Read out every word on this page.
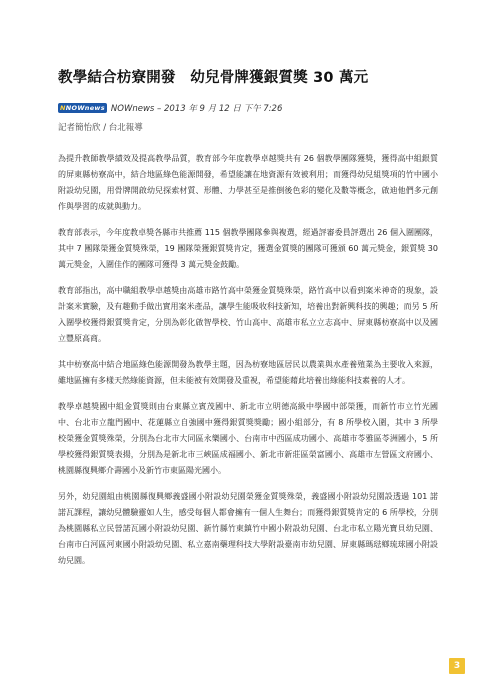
教學結合枋寮開發　幼兒骨牌獲銀質獎 30 萬元
N NOWnews NOWnews – 2013 年 9 月 12 日 下午 7:26
記者簡怡欣 / 台北報導

為提升教師教學績效及提高教學品質，教育部今年度教學卓越獎共有 26 個教學團隊獲獎，獲得高中組銀質的屏東縣枋寮高中，結合地區綠色能源開發，希望能讓在地資源有效被利用；而獲得幼兒組獎項的竹中國小附設幼兒園，用骨牌開啟幼兒探索材質、形體、力學甚至是推倒後色彩的變化及數等概念，啟迪他們多元創作與學習的成就與動力。

教育部表示，今年度教卓獎各縣市共推薦 115 個教學團隊參與複選，經過評審委員評選出 26 個入圍團隊，其中 7 團隊榮獲金質獎殊榮，19 團隊榮獲銀質獎肯定，獲選金質獎的團隊可獲頒 60 萬元獎金，銀質獎 30 萬元獎金，入圍佳作的團隊可獲得 3 萬元獎金鼓勵。

教育部指出，高中職組教學卓越獎由高雄市路竹高中榮獲金質獎殊榮，路竹高中以看到案米神奇的現象，設計案米實驗，及有趣動手做出實用案米產品，讓學生能吸收科技新知，培養出對新興科技的興趣；而另 5 所入圍學校獲得銀質獎肯定，分別為彰化啟智學校、竹山高中、高雄市私立立志高中、屏東縣枋寮高中以及國立豐原高商。

其中枋寮高中結合地區綠色能源開發為教學主題，因為枋寮地區居民以農業與水產養殖業為主要收入來源，雖地區擁有多樣天然綠能資源，但未能被有效開發及重視，希望能藉此培養出綠能科技素養的人才。

教學卓越獎國中組金質獎則由台東縣立賓茂國中、新北市立明德高級中學國中部榮獲，而新竹市立竹光國中、台北市立龍門國中、花蓮縣立自強國中獲得銀質獎獎勵；國小組部分，有 8 所學校入圍，其中 3 所學校榮獲金質獎殊榮，分別為台北市大同區永樂國小、台南市中西區成功國小、高雄市苓雅區苓洲國小，5 所學校獲得銀質獎表揚，分別為是新北市三峽區成福國小、新北市新莊區榮富國小、高雄市左營區文府國小、桃園縣復興鄉介壽國小及新竹市東區陽光國小。

另外，幼兒園組由桃園縣復興鄉義盛國小附設幼兒園榮獲金質獎殊榮，義盛國小附設幼兒園設透過 101 諾諾瓦課程，讓幼兒體驗靈如人生，感受每個人都會擁有一個人生舞台；而獲得銀質獎肯定的 6 所學校，分別為桃園縣私立民營諾瓦國小附設幼兒園、新竹縣竹東鎮竹中國小附設幼兒園、台北市私立陽光寶貝幼兒園、台南市白河區河東國小附設幼兒園、私立嘉南藥理科技大學附設臺南市幼兒園、屏東縣瑪琺鄉琉球國小附設幼兒園。

3
